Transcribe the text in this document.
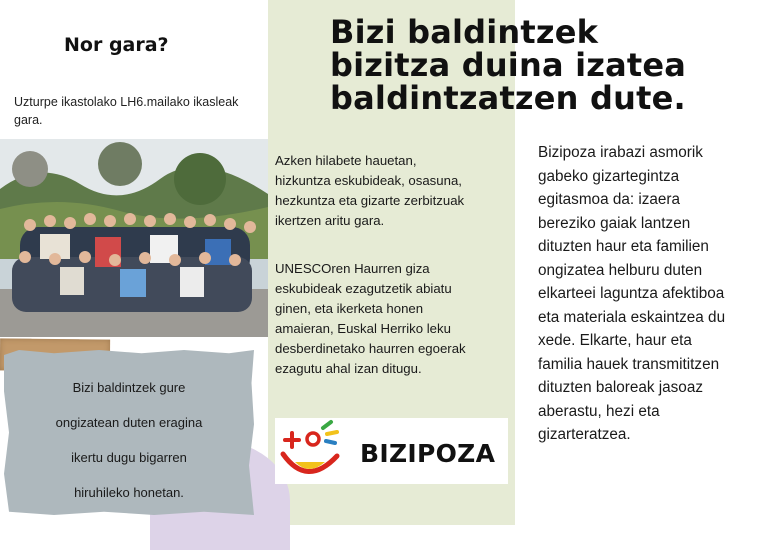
Nor gara?
Uzturpe ikastolako LH6.mailako ikasleak gara.
Bizi baldintzek gure
ongizatean duten eragina
ikertu dugu bigarren
hiruhileko honetan.
Bizi baldintzek
bizitza duina izatea
baldintzatzen dute.
Azken hilabete hauetan,
hizkuntza eskubideak, osasuna,
hezkuntza eta gizarte zerbitzuak
ikertzen aritu gara.
UNESCOren Haurren giza
eskubideak ezagutzetik abiatu
ginen, eta ikerketa honen
amaieran, Euskal Herriko leku
desberdinetako haurren egoerak
ezagutu ahal izan ditugu.
BIZIPOZA
Bizipoza irabazi asmorik
gabeko gizartegintza
egitasmoa da: izaera
bereziko gaiak lantzen
dituzten haur eta familien
ongizatea helburu duten
elkarteei laguntza afektiboa
eta materiala eskaintzea du
xede. Elkarte, haur eta
familia hauek transmititzen
dituzten baloreak jasoaz
aberastu, hezi eta
gizarteratzea.
